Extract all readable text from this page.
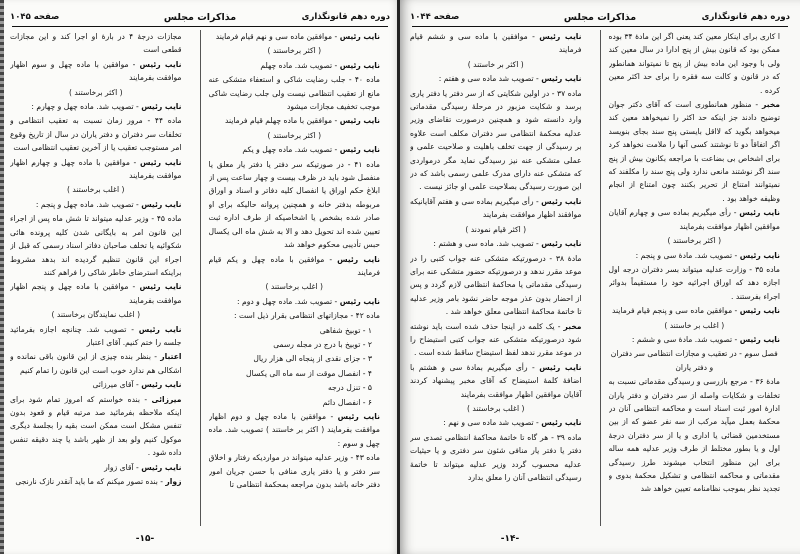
دوره دهم قانونگذاری
مذاکرات مجلس
صفحه ۱۰۴۵

نایب رئیس - موافقین ماده سی و نهم قیام فرمایند

( اکثر برخاستند )

نایب رئیس - تصویب شد. ماده چهلم

ماده ۴۰ - جلب رضایت شاکی و استعفاء متشکی عنه مانع از تعقیب انتظامی نیست ولی جلب رضایت شاکی موجب تخفیف مجازات میشود

نایب رئیس - موافقین با ماده چهلم قیام فرمایند

( اکثر برخاستند )

نایب رئیس - تصویب شد. ماده چهل و یکم

ماده ۴۱ - در صورتیکه سر دفتر یا دفتر یار معلق یا منفصل شود باید در ظرف بیست و چهار ساعت پس از ابلاغ حکم اوراق یا انفصال کلیه دفاتر و اسناد و اوراق مربوطه بدفتر خانه و همچنین پروانه حالیکه برای او صادر شده بشخص یا اشخاصیکه از طرف اداره ثبت تعیین شده اند تحویل دهد و الا به شش ماه الی یکسال حبس تأدیبی محکوم خواهد شد

نایب رئیس - موافقین با ماده چهل و یکم قیام فرمایند

( اغلب برخاستند )

نایب رئیس - تصویب شد. ماده چهل و دوم :

ماده ۴۲ - مجازاتهای انتظامی بقرار ذیل است :

۱ - توبیخ شفاهی

۲ - توبیخ با درج در مجله رسمی

۳ - جزای نقدی از پنجاه الی هزار ریال

۴ - انفصال موقت از سه ماه الی یکسال

۵ - تنزل درجه

۶ - انفصال دائم

نایب رئیس - موافقین با ماده چهل و دوم اظهار موافقت بفرمایند ( اکثر بر خاستند ) تصویب شد. ماده چهل و سوم :

ماده ۴۳ - وزیر عدلیه میتواند در مواردیکه رفتار و اخلاق سر دفتر و یا دفتر یاری منافی با حسن جریان امور دفتر خانه باشد بدون مراجعه بمحکمهٔ انتظامی تا

مجازات درجهٔ ۴ در بارهٔ او اجرا کند و این مجازات قطعی است

نایب رئیس - موافقین با ماده چهل و سوم اظهار موافقت بفرمایند

( اکثر برخاستند )

نایب رئیس - تصویب شد. ماده چهل و چهارم :

ماده ۴۴ - مرور زمان نسبت به تعقیب انتظامی و تخلفات سر دفتران و دفتر یاران در سال از تاریخ وقوع امر مستوجب تعقیب یا از آخرین تعقیب انتظامی است

نایب رئیس - موافقین با ماده چهل و چهارم اظهار موافقت بفرمایند

( اغلب برخاستند )

نایب رئیس - تصویب شد. ماده چهل و پنجم :

ماده ۴۵ - وزیر عدلیه میتواند تا شش ماه پس از اجراء این قانون امر به بایگانی شدن کلیه پرونده هائی شکوائیه یا تخلف صاحبان دفاتر اسناد رسمی که قبل از اجراء این قانون تنظیم گردیده اند بدهد مشروط براینکه استرضای خاطر شاکی را فراهم کنند

نایب رئیس - موافقین با ماده چهل و پنجم اظهار موافقت بفرمایند

( اغلب نمایندگان برخاستند )

نایب رئیس - تصویب شد. چنانچه اجازه بفرمائید جلسه را ختم کنیم. آقای اعتبار

اعتبار - بنظر بنده چیزی از این قانون باقی نمانده و اشکالی هم ندارد خوب است این قانون را تمام کنیم

نایب رئیس - آقای میرزائی

میرزائی - بنده خواستم که امروز تمام شود برای اینکه ملاحظه بفرمائید صد مرتبه قیام و قعود بدون تنفس مشکل است ممکن است بقیه را بجلسهٔ دیگری موکول کنیم ولو بعد از ظهر باشد یا چند دقیقه تنفس داده شود .

نایب رئیس - آقای زوار

زوار - بنده تصور میکنم که ما باید آنقدر نازک نارنجی

-۱۵-
دوره دهم قانونگذاری
مذاکرات مجلس
صفحه ۱۰۴۴

ا کاری برای اینکار معین کند یعنی اگر این مادهٔ ۳۴ بوده ممکن بود که قانون بیش از پنج ادارا در سال معین کند ولی با وجود این ماده بیش از پنج تا نمیتواند همانطور که در قانون و کالت سه فقره را برای حد اکثر معین کرده .

مخبر - منظور همانطوری است که آقای دکتر جوان توضیح دادند جز اینکه حد اکثر را نمیخواهد معین کند میخواهد بگوید که لااقل بایستی پنج سند بجای بنویسد اگر اتفاقاً دو تا نوشتند کسی آنها را ملامت نخواهد کرد برای اشخاص بی بضاعت با مراجعه بکانون بیش از پنج سند اگر نوشتند مانعی ندارد ولی پنج سند را مکلفند که نمیتوانند امتناع از تحریر بکنند چون امتناع از انجام وظیفه خواهد بود .

نایب رئیس - رأی میگیریم بماده سی و چهارم آقایان موافقین اظهار موافقت بفرمایند

( اکثر برخاستند )

نایب رئیس - تصویب شد. مادهٔ سی و پنجم :

ماده ۳۵ - وزارت عدلیه میتواند بسر دفتران درجه اول اجازه دهد که اوراق اجرائیه خود را مستقیماً بدوائر اجراء بفرستند .

نایب رئیس - موافقین ماده سی و پنجم قیام فرمایند

( اغلب بر خاستند )

نایب رئیس - تصویب شد. مادهٔ سی و ششم :

فصل سوم - در تعقیب و مجازات انتظامی سر دفتران و دفتر یاران

مادهٔ ۳۶ - مرجع بازرسی و رسیدگی مقدماتی نسبت به تخلفات و شکایات واصله از سر دفتران و دفتر یاران ادارهٔ امور ثبت اسناد است و محاکمه انتظامی آنان در محکمهٔ بعمل میآید مرکب از سه نفر عضو که از بین مستخدمین قضائی یا اداری و یا از سر دفتران درجهٔ اول و یا بطور مختلط از طرف وزیر عدلیه همه ساله برای این منظور انتخاب میشوند طرز رسیدگی مقدماتی و محاکمه انتظامی و تشکیل محکمهٔ بدوی و تجدید نظر بموجب نظامنامه تعیین خواهد شد

نایب رئیس - موافقین با ماده سی و ششم قیام فرمایند

( اکثر بر خاستند )

نایب رئیس - تصویب شد ماده سی و هفتم :

ماده ۳۷ - در اولین شکایتی که از سر دفتر یا دفتر یاری برسد و شکایت مزبور در مرحلهٔ رسیدگی مقدماتی وارد دانسته شود و همچنین درصورت تقاضای وزیر عدلیه محکمهٔ انتظامی سر دفتران مکلف است علاوه بر رسیدگی از جهت تخلف باهلیت و صلاحیت علمی و عملی متشکی عنه نیز رسیدگی نماید مگر درمواردی که متشکی عنه دارای مدرک علمی رسمی باشد که در این صورت رسیدگی بصلاحیت علمی او جائز نیست .

نایب رئیس - رأی میگیریم بماده سی و هفتم آقایانیکه موافقند اظهار موافقت بفرمایند

( اکثر قیام نمودند )

نایب رئیس - تصویب شد. ماده سی و هشتم :

مادهٔ ۳۸ - درصورتیکه متشکی عنه جواب کتبی را در موعد مقرر ندهد و درصورتیکه حضور متشکی عنه برای رسیدگی مقدماتی یا محاکمهٔ انتظامی لازم گردد و پس از احضار بدون عذر موجه حاضر نشود بامر وزیر عدلیه تا خاتمهٔ محاکمهٔ انتظامی معلق خواهد شد .

مخبر - یک کلمه در اینجا حذف شده است باید نوشته شود درصورتیکه متشکی عنه جواب کتبی استیضاح را در موعد مقرر ندهد لفظ استیضاح ساقط شده است .

نایب رئیس - رأی میگیریم بمادهٔ سی و هشتم با اضافهٔ کلمهٔ استیضاح که آقای مخبر پیشنهاد کردند آقایان موافقین اظهار موافقت بفرمایند

( اغلب برخاستند )

نایب رئیس - تصویب شد ماده سی و نهم :

ماده ۳۹ - هر گاه تا خاتمهٔ محاکمهٔ انتظامی تصدی سر دفتر یا دفتر یار منافی شئون سر دفتری و یا حیثیات عدلیه محسوب گردد وزیر عدلیه میتواند تا خاتمهٔ رسیدگی انتظامی آنان را معلق بدارد

-۱۴-
